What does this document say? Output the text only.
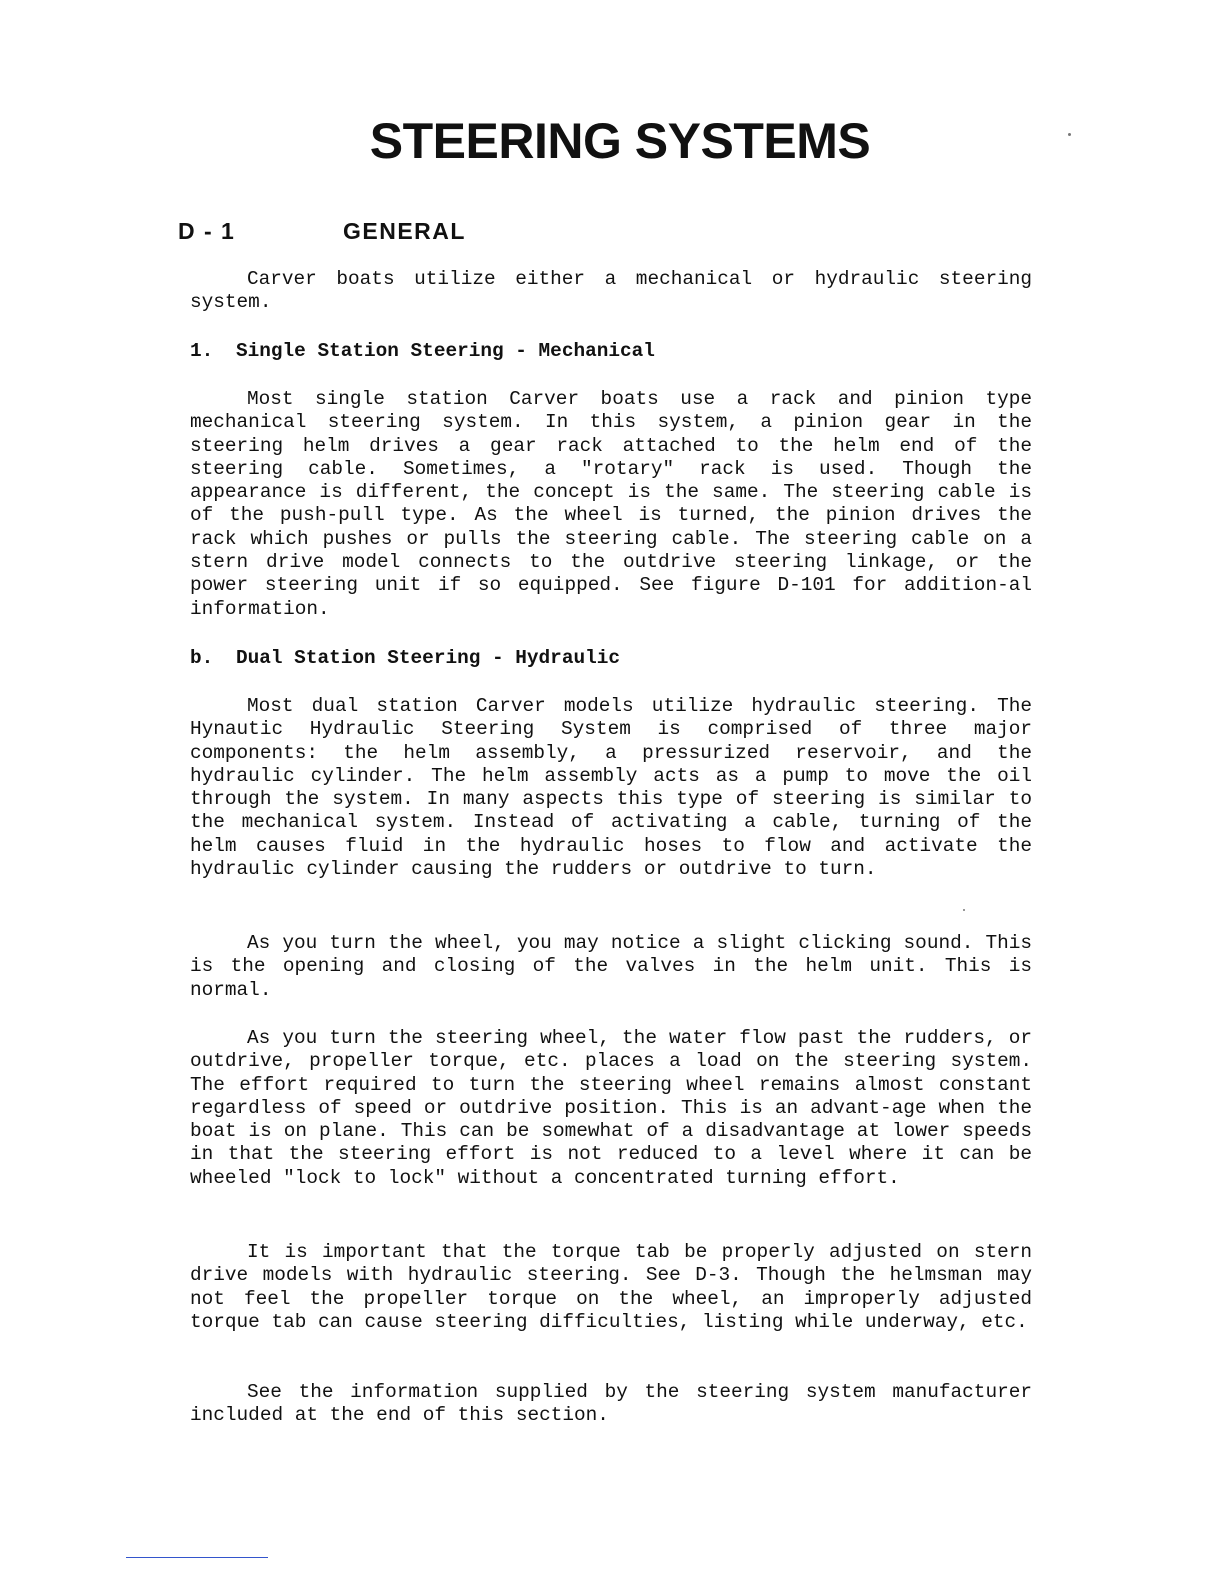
STEERING SYSTEMS
D - 1	GENERAL

Carver boats utilize either a mechanical or hydraulic steering system.

1. Single Station Steering - Mechanical

Most single station Carver boats use a rack and pinion type mechanical steering system. In this system, a pinion gear in the steering helm drives a gear rack attached to the helm end of the steering cable. Sometimes, a "rotary" rack is used. Though the appearance is different, the concept is the same. The steering cable is of the push-pull type. As the wheel is turned, the pinion drives the rack which pushes or pulls the steering cable. The steering cable on a stern drive model connects to the outdrive steering linkage, or the power steering unit if so equipped. See figure D-101 for addition-al information.

b. Dual Station Steering - Hydraulic

Most dual station Carver models utilize hydraulic steering. The Hynautic Hydraulic Steering System is comprised of three major components: the helm assembly, a pressurized reservoir, and the hydraulic cylinder. The helm assembly acts as a pump to move the oil through the system. In many aspects this type of steering is similar to the mechanical system. Instead of activating a cable, turning of the helm causes fluid in the hydraulic hoses to flow and activate the hydraulic cylinder causing the rudders or outdrive to turn.

As you turn the wheel, you may notice a slight clicking sound. This is the opening and closing of the valves in the helm unit. This is normal.

As you turn the steering wheel, the water flow past the rudders, or outdrive, propeller torque, etc. places a load on the steering system. The effort required to turn the steering wheel remains almost constant regardless of speed or outdrive position. This is an advant-age when the boat is on plane. This can be somewhat of a disadvantage at lower speeds in that the steering effort is not reduced to a level where it can be wheeled "lock to lock" without a concentrated turning effort.

It is important that the torque tab be properly adjusted on stern drive models with hydraulic steering. See D-3. Though the helmsman may not feel the propeller torque on the wheel, an improperly adjusted torque tab can cause steering difficulties, listing while underway, etc.

See the information supplied by the steering system manufacturer included at the end of this section.
